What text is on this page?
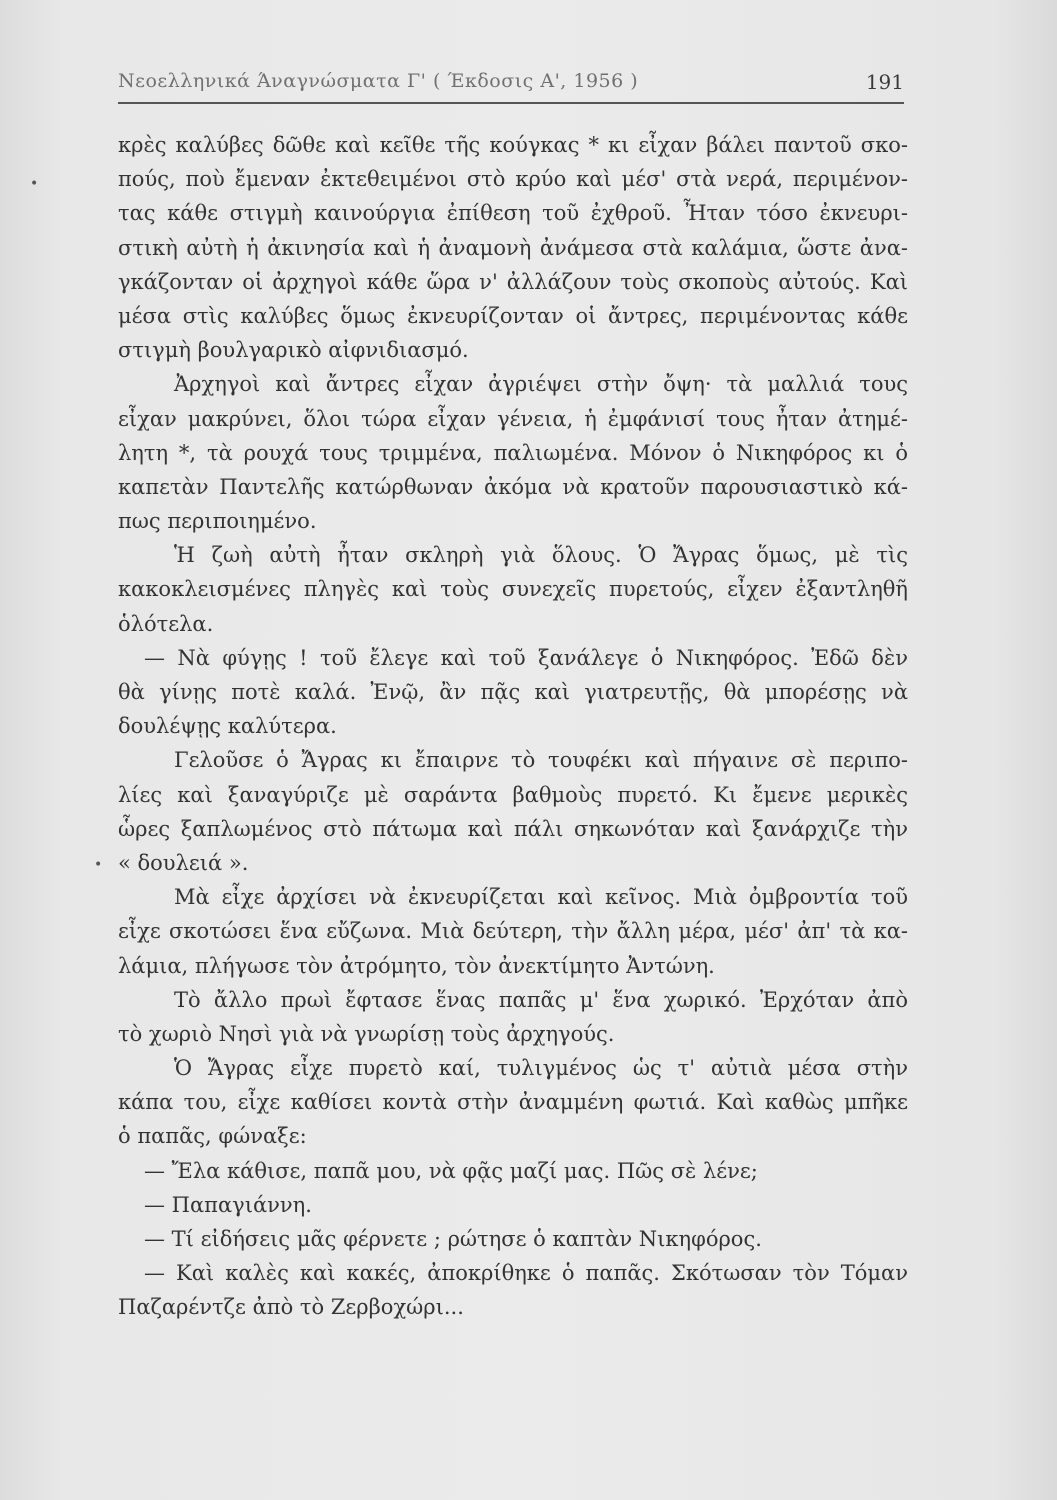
Νεοελληνικά Άναγνώσματα Γ' ( Έκδοσις Α', 1956 )	191
•
•
κρὲς καλύβες δῶθε καὶ κεῖθε τῆς κούγκας * κι εἶχαν βάλει παντοῦ σκο-
πούς, ποὺ ἔμεναν ἐκτεθειμένοι στὸ κρύο καὶ μέσ' στὰ νερά, περιμένον-
τας κάθε στιγμὴ καινούργια ἐπίθεση τοῦ ἐχθροῦ. Ἦταν τόσο ἐκνευρι-
στικὴ αὐτὴ ἡ ἀκινησία καὶ ἡ ἀναμονὴ ἀνάμεσα στὰ καλάμια, ὥστε ἀνα-
γκάζονταν οἱ ἀρχηγοὶ κάθε ὥρα ν' ἀλλάζουν τοὺς σκοποὺς αὐτούς. Καὶ
μέσα στὶς καλύβες ὅμως ἐκνευρίζονταν οἱ ἄντρες, περιμένοντας κάθε
στιγμὴ βουλγαρικὸ αἰφνιδιασμό.
Ἀρχηγοὶ καὶ ἄντρες εἶχαν ἀγριέψει στὴν ὄψη· τὰ μαλλιά τους
εἶχαν μακρύνει, ὅλοι τώρα εἶχαν γένεια, ἡ ἐμφάνισί τους ἦταν ἀτημέ-
λητη *, τὰ ρουχά τους τριμμένα, παλιωμένα. Μόνον ὁ Νικηφόρος κι ὁ
καπετὰν Παντελῆς κατώρθωναν ἀκόμα νὰ κρατοῦν παρουσιαστικὸ κά-
πως περιποιημένο.
Ἡ ζωὴ αὐτὴ ἦταν σκληρὴ γιὰ ὅλους. Ὁ Ἄγρας ὅμως, μὲ τὶς
κακοκλεισμένες πληγὲς καὶ τοὺς συνεχεῖς πυρετούς, εἶχεν ἐξαντληθῆ
ὁλότελα.
— Νὰ φύγῃς ! τοῦ ἔλεγε καὶ τοῦ ξανάλεγε ὁ Νικηφόρος. Ἐδῶ δὲν
θὰ γίνῃς ποτὲ καλά. Ἐνῷ, ἂν πᾷς καὶ γιατρευτῇς, θὰ μπορέσῃς νὰ
δουλέψῃς καλύτερα.
Γελοῦσε ὁ Ἄγρας κι ἔπαιρνε τὸ τουφέκι καὶ πήγαινε σὲ περιπο-
λίες καὶ ξαναγύριζε μὲ σαράντα βαθμοὺς πυρετό. Κι ἔμενε μερικὲς
ὧρες ξαπλωμένος στὸ πάτωμα καὶ πάλι σηκωνόταν καὶ ξανάρχιζε τὴν
« δουλειά ».
Μὰ εἶχε ἀρχίσει νὰ ἐκνευρίζεται καὶ κεῖνος. Μιὰ ὀμβροντία τοῦ
εἶχε σκοτώσει ἕνα εὔζωνα. Μιὰ δεύτερη, τὴν ἄλλη μέρα, μέσ' ἀπ' τὰ κα-
λάμια, πλήγωσε τὸν ἀτρόμητο, τὸν ἀνεκτίμητο Ἀντώνη.
Τὸ ἄλλο πρωὶ ἔφτασε ἕνας παπᾶς μ' ἕνα χωρικό. Ἐρχόταν ἀπὸ
τὸ χωριὸ Νησὶ γιὰ νὰ γνωρίσῃ τοὺς ἀρχηγούς.
Ὁ Ἄγρας εἶχε πυρετὸ καί, τυλιγμένος ὡς τ' αὐτιὰ μέσα στὴν
κάπα του, εἶχε καθίσει κοντὰ στὴν ἀναμμένη φωτιά. Καὶ καθὼς μπῆκε
ὁ παπᾶς, φώναξε:
— Ἔλα κάθισε, παπᾶ μου, νὰ φᾷς μαζί μας. Πῶς σὲ λένε;
— Παπαγιάννη.
— Τί εἰδήσεις μᾶς φέρνετε ; ρώτησε ὁ καπτὰν Νικηφόρος.
— Καὶ καλὲς καὶ κακές, ἀποκρίθηκε ὁ παπᾶς. Σκότωσαν τὸν Τόμαν
Παζαρέντζε ἀπὸ τὸ Ζερβοχώρι...
